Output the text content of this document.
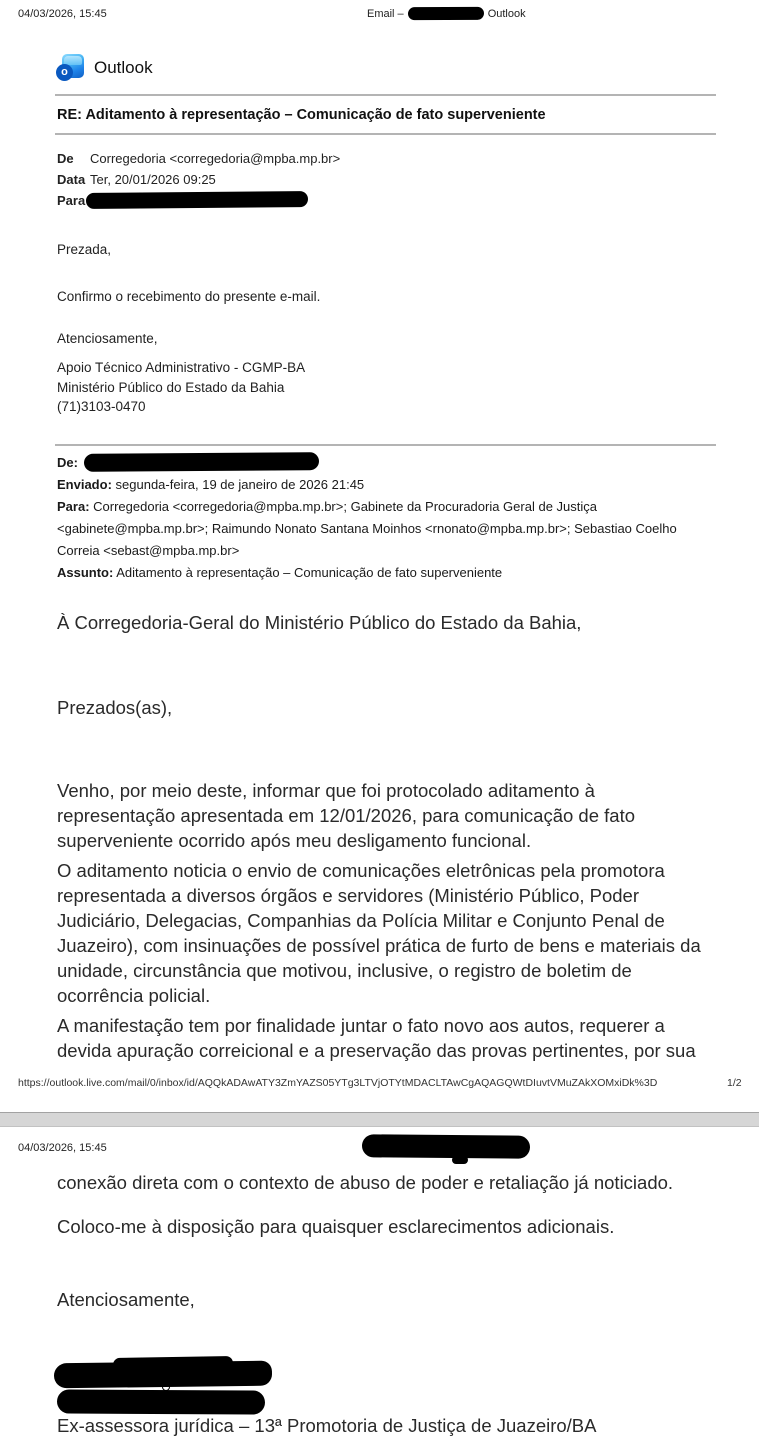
04/03/2026, 15:45	Email –	Outlook
o Outlook
RE: Aditamento à representação – Comunicação de fato superveniente
De	Corregedoria <corregedoria@mpba.mp.br>
Data Ter, 20/01/2026 09:25
Para
Prezada,
Confirmo o recebimento do presente e-mail.
Atenciosamente,
Apoio Técnico Administrativo - CGMP-BA
Ministério Público do Estado da Bahia
(71)3103-0470
De:
Enviado: segunda-feira, 19 de janeiro de 2026 21:45
Para: Corregedoria <corregedoria@mpba.mp.br>; Gabinete da Procuradoria Geral de Justiça <gabinete@mpba.mp.br>; Raimundo Nonato Santana Moinhos <rnonato@mpba.mp.br>; Sebastiao Coelho Correia <sebast@mpba.mp.br>
Assunto: Aditamento à representação – Comunicação de fato superveniente
À Corregedoria-Geral do Ministério Público do Estado da Bahia,
Prezados(as),
Venho, por meio deste, informar que foi protocolado aditamento à representação apresentada em 12/01/2026, para comunicação de fato superveniente ocorrido após meu desligamento funcional.
O aditamento noticia o envio de comunicações eletrônicas pela promotora representada a diversos órgãos e servidores (Ministério Público, Poder Judiciário, Delegacias, Companhias da Polícia Militar e Conjunto Penal de Juazeiro), com insinuações de possível prática de furto de bens e materiais da unidade, circunstância que motivou, inclusive, o registro de boletim de ocorrência policial.
A manifestação tem por finalidade juntar o fato novo aos autos, requerer a devida apuração correicional e a preservação das provas pertinentes, por sua
https://outlook.live.com/mail/0/inbox/id/AQQkADAwATY3ZmYAZS05YTg3LTVjOTYtMDACLTAwCgAQAGQWtDIuvtVMuZAkXOMxiDk%3D	1/2
04/03/2026, 15:45
conexão direta com o contexto de abuso de poder e retaliação já noticiado.
Coloco-me à disposição para quaisquer esclarecimentos adicionais.
Atenciosamente,
Ex-assessora jurídica – 13ª Promotoria de Justiça de Juazeiro/BA
